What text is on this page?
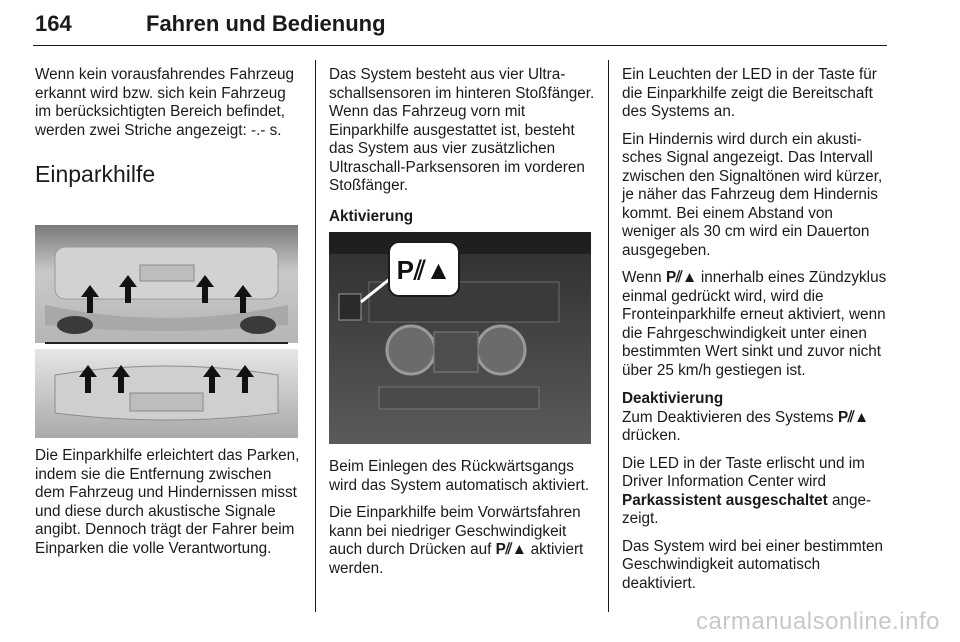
164	Fahren und Bedienung

Wenn kein vorausfahrendes Fahrzeug erkannt wird bzw. sich kein Fahrzeug im berücksichtigten Bereich befindet, werden zwei Striche angezeigt: -.- s.

Einparkhilfe

Die Einparkhilfe erleichtert das Parken, indem sie die Entfernung zwischen dem Fahrzeug und Hindernissen misst und diese durch akustische Signale angibt. Dennoch trägt der Fahrer beim Einparken die volle Verantwortung.

Das System besteht aus vier Ultraschallsensoren im hinteren Stoßfänger. Wenn das Fahrzeug vorn mit Einparkhilfe ausgestattet ist, besteht das System aus vier zusätzlichen Ultraschall-Parksensoren im vorderen Stoßfänger.

Aktivierung
P⫽▲

Beim Einlegen des Rückwärtsgangs wird das System automatisch aktiviert.

Die Einparkhilfe beim Vorwärtsfahren kann bei niedriger Geschwindigkeit auch durch Drücken auf P⫽▲ aktiviert werden.

Ein Leuchten der LED in der Taste für die Einparkhilfe zeigt die Bereitschaft des Systems an.

Ein Hindernis wird durch ein akustisches Signal angezeigt. Das Intervall zwischen den Signaltönen wird kürzer, je näher das Fahrzeug dem Hindernis kommt. Bei einem Abstand von weniger als 30 cm wird ein Dauerton ausgegeben.

Wenn P⫽▲ innerhalb eines Zündzyklus einmal gedrückt wird, wird die Fronteinparkhilfe erneut aktiviert, wenn die Fahrgeschwindigkeit unter einen bestimmten Wert sinkt und zuvor nicht über 25 km/h gestiegen ist.

Deaktivierung

Zum Deaktivieren des Systems P⫽▲
drücken.

Die LED in der Taste erlischt und im Driver Information Center wird Parkassistent ausgeschaltet angezeigt.

Das System wird bei einer bestimmten Geschwindigkeit automatisch deaktiviert.

carmanualsonline.info
